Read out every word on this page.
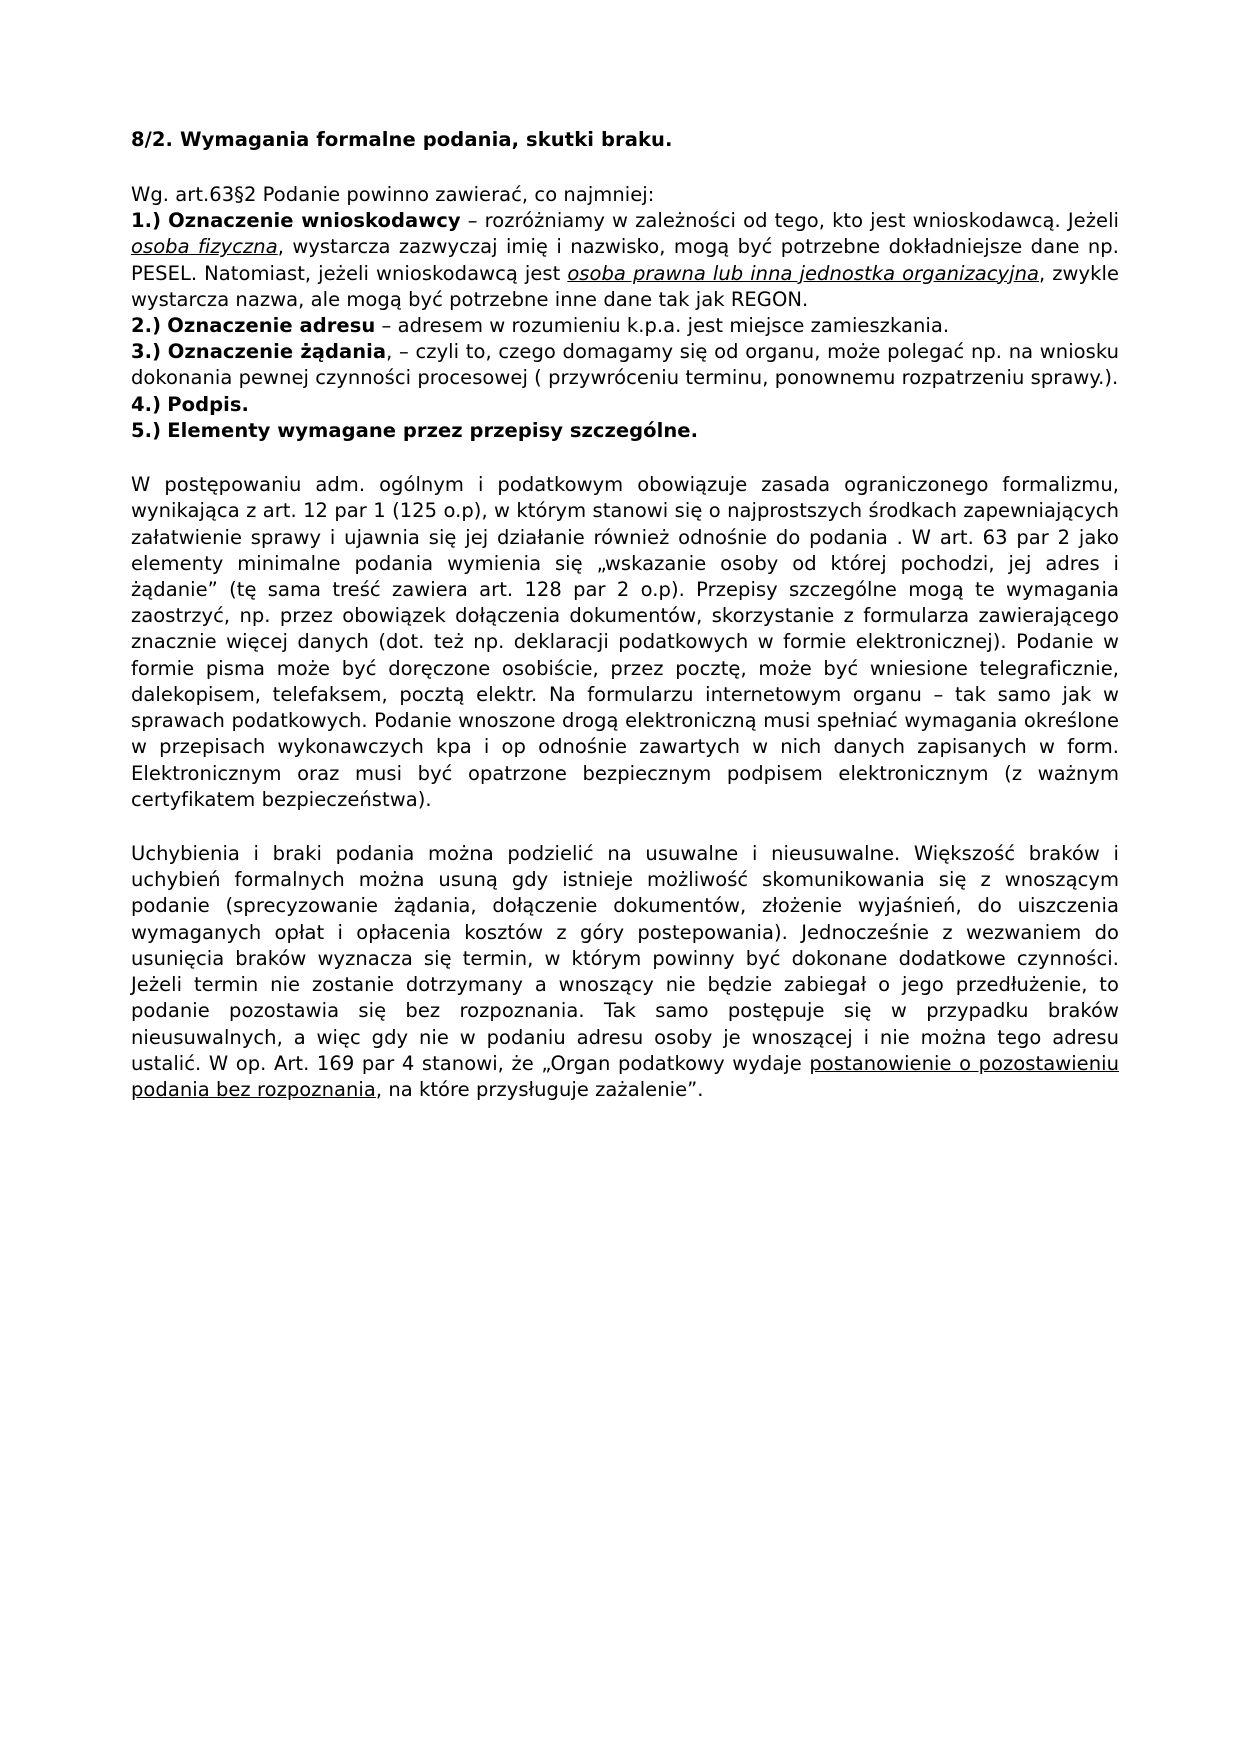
8/2. Wymagania formalne podania, skutki braku.

Wg. art.63§2 Podanie powinno zawierać, co najmniej:

1.) Oznaczenie wnioskodawcy – rozróżniamy w zależności od tego, kto jest wnioskodawcą. Jeżeli osoba fizyczna, wystarcza zazwyczaj imię i nazwisko, mogą być potrzebne dokładniejsze dane np. PESEL. Natomiast, jeżeli wnioskodawcą jest osoba prawna lub inna jednostka organizacyjna, zwykle wystarcza nazwa, ale mogą być potrzebne inne dane tak jak REGON.

2.) Oznaczenie adresu – adresem w rozumieniu k.p.a. jest miejsce zamieszkania.

3.) Oznaczenie żądania, – czyli to, czego domagamy się od organu, może polegać np. na wniosku dokonania pewnej czynności procesowej ( przywróceniu terminu, ponownemu rozpatrzeniu sprawy.).

4.) Podpis.

5.) Elementy wymagane przez przepisy szczególne.

W postępowaniu adm. ogólnym i podatkowym obowiązuje zasada ograniczonego formalizmu, wynikająca z art. 12 par 1 (125 o.p), w którym stanowi się o najprostszych środkach zapewniających załatwienie sprawy i ujawnia się jej działanie również odnośnie do podania . W art. 63 par 2 jako elementy minimalne podania wymienia się „wskazanie osoby od której pochodzi, jej adres i żądanie” (tę sama treść zawiera art. 128 par 2 o.p). Przepisy szczególne mogą te wymagania zaostrzyć, np. przez obowiązek dołączenia dokumentów, skorzystanie z formularza zawierającego znacznie więcej danych (dot. też np. deklaracji podatkowych w formie elektronicznej). Podanie w formie pisma może być doręczone osobiście, przez pocztę, może być wniesione telegraficznie, dalekopisem, telefaksem, pocztą elektr. Na formularzu internetowym organu – tak samo jak w sprawach podatkowych. Podanie wnoszone drogą elektroniczną musi spełniać wymagania określone w przepisach wykonawczych kpa i op odnośnie zawartych w nich danych zapisanych w form. Elektronicznym oraz musi być opatrzone bezpiecznym podpisem elektronicznym (z ważnym certyfikatem bezpieczeństwa).

Uchybienia i braki podania można podzielić na usuwalne i nieusuwalne. Większość braków i uchybień formalnych można usuną gdy istnieje możliwość skomunikowania się z wnoszącym podanie (sprecyzowanie żądania, dołączenie dokumentów, złożenie wyjaśnień, do uiszczenia wymaganych opłat i opłacenia kosztów z góry postepowania). Jednocześnie z wezwaniem do usunięcia braków wyznacza się termin, w którym powinny być dokonane dodatkowe czynności. Jeżeli termin nie zostanie dotrzymany a wnoszący nie będzie zabiegał o jego przedłużenie, to podanie pozostawia się bez rozpoznania. Tak samo postępuje się w przypadku braków nieusuwalnych, a więc gdy nie w podaniu adresu osoby je wnoszącej i nie można tego adresu ustalić. W op. Art. 169 par 4 stanowi, że „Organ podatkowy wydaje postanowienie o pozostawieniu podania bez rozpoznania, na które przysługuje zażalenie”.
